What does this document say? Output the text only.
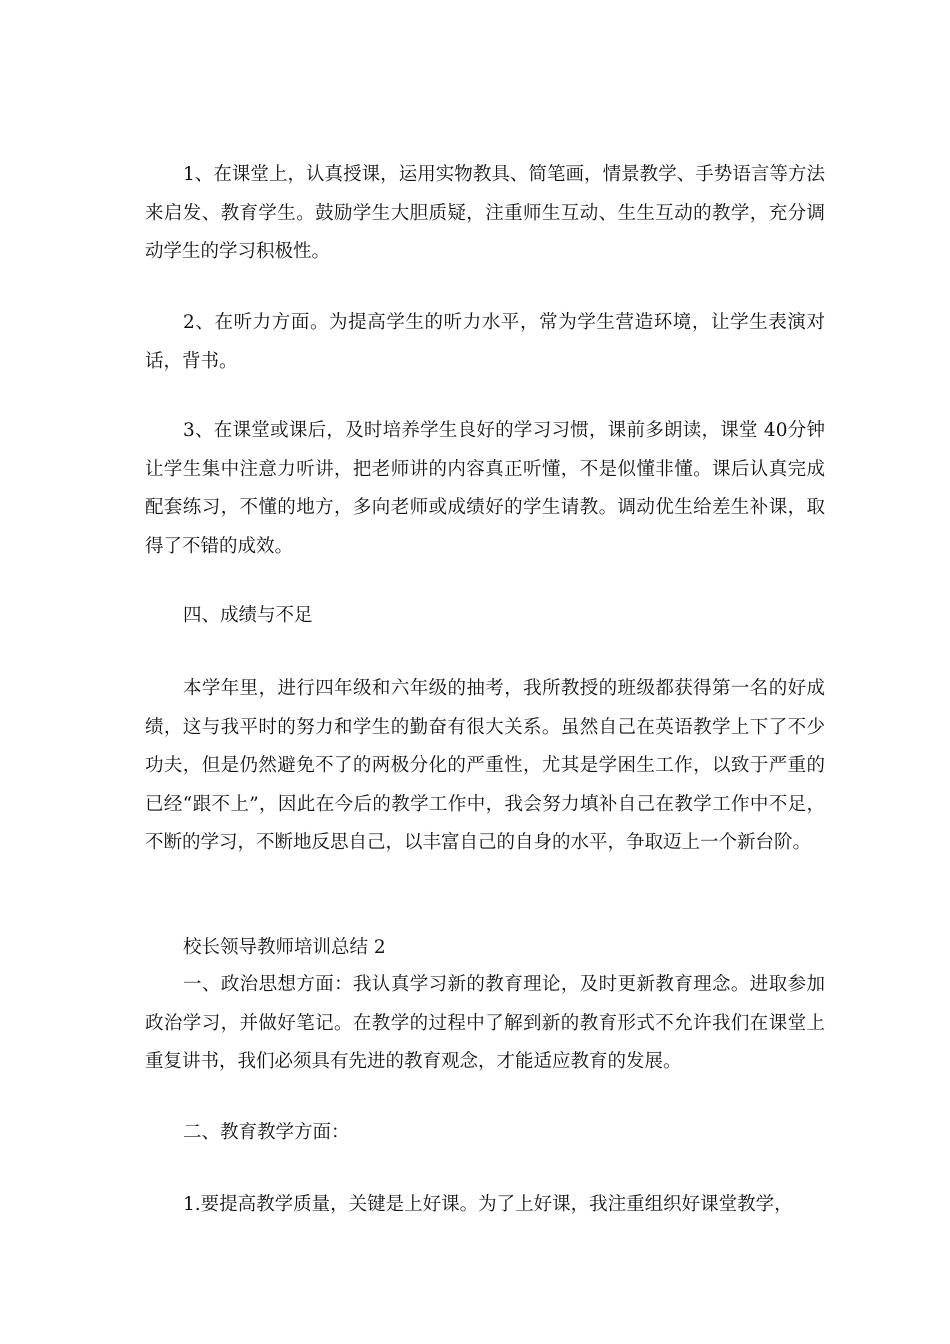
1、在课堂上，认真授课，运用实物教具、简笔画，情景教学、手势语言等方法来启发、教育学生。鼓励学生大胆质疑，注重师生互动、生生互动的教学，充分调动学生的学习积极性。

2、在听力方面。为提高学生的听力水平，常为学生营造环境，让学生表演对话，背书。

3、在课堂或课后，及时培养学生良好的学习习惯，课前多朗读，课堂 40分钟让学生集中注意力听讲，把老师讲的内容真正听懂，不是似懂非懂。课后认真完成配套练习，不懂的地方，多向老师或成绩好的学生请教。调动优生给差生补课，取得了不错的成效。

四、成绩与不足

本学年里，进行四年级和六年级的抽考，我所教授的班级都获得第一名的好成绩，这与我平时的努力和学生的勤奋有很大关系。虽然自己在英语教学上下了不少功夫，但是仍然避免不了的两极分化的严重性，尤其是学困生工作，以致于严重的已经“跟不上”，因此在今后的教学工作中，我会努力填补自己在教学工作中不足，不断的学习，不断地反思自己，以丰富自己的自身的水平，争取迈上一个新台阶。

校长领导教师培训总结 2

一、政治思想方面：我认真学习新的教育理论，及时更新教育理念。进取参加政治学习，并做好笔记。在教学的过程中了解到新的教育形式不允许我们在课堂上重复讲书，我们必须具有先进的教育观念，才能适应教育的发展。

二、教育教学方面：

1.要提高教学质量，关键是上好课。为了上好课，我注重组织好课堂教学，
